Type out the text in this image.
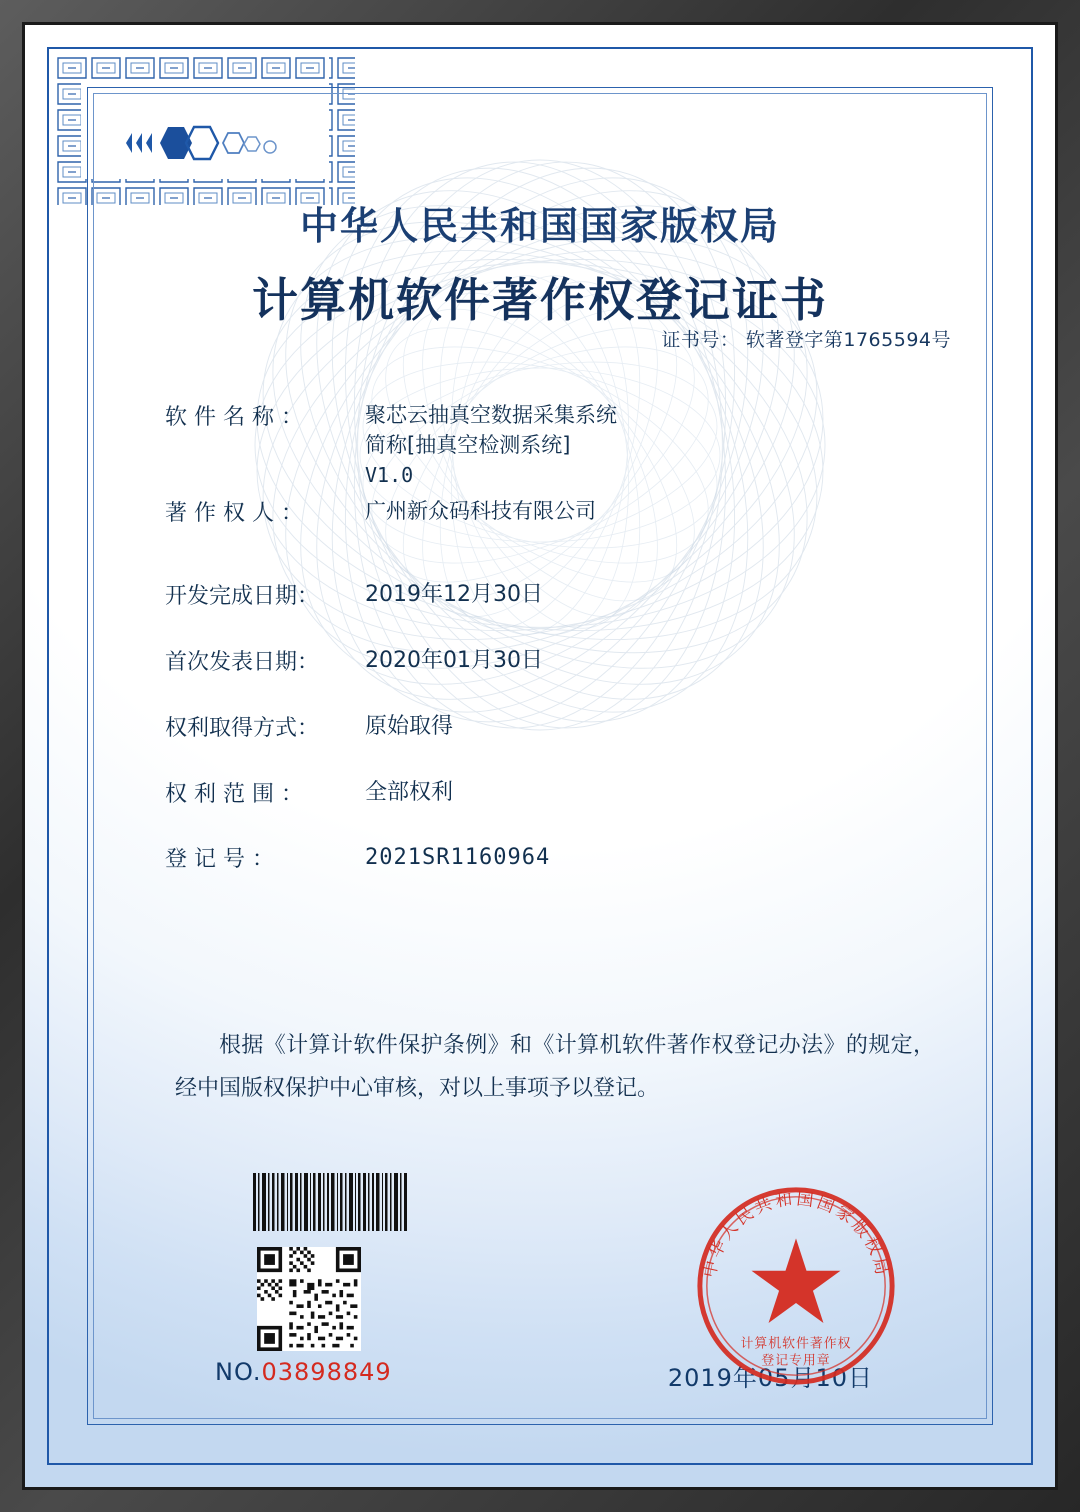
中华人民共和国国家版权局
计算机软件著作权登记证书
证书号： 软著登字第1765594号
软 件 名 称 ：	聚芯云抽真空数据采集系统
简称[抽真空检测系统]
V1.0
著 作 权 人 ：	广州新众码科技有限公司
开发完成日期：	2019年12月30日
首次发表日期：	2020年01月30日
权利取得方式：	原始取得
权 利 范 围 ：	全部权利
登 记 号 ：	2021SR1160964
根据《计算计软件保护条例》和《计算机软件著作权登记办法》的规定，经中国版权保护中心审核，对以上事项予以登记。
NO.03898849	2019年05月10日
中华人民共和国国家版权局
计算机软件著作权
登记专用章
